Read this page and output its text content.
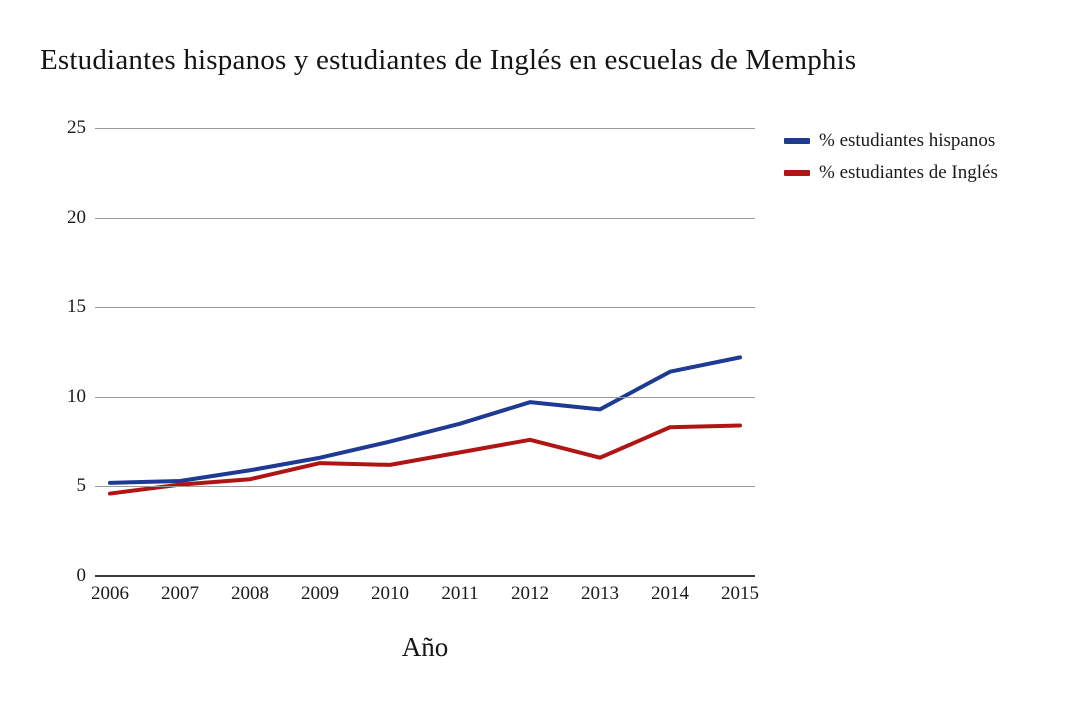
Estudiantes hispanos y estudiantes de Inglés en escuelas de Memphis
0
5
10
15
20
25
2006 2007 2008 2009 2010 2011 2012 2013 2014 2015
Año
% estudiantes hispanos
% estudiantes de Inglés
